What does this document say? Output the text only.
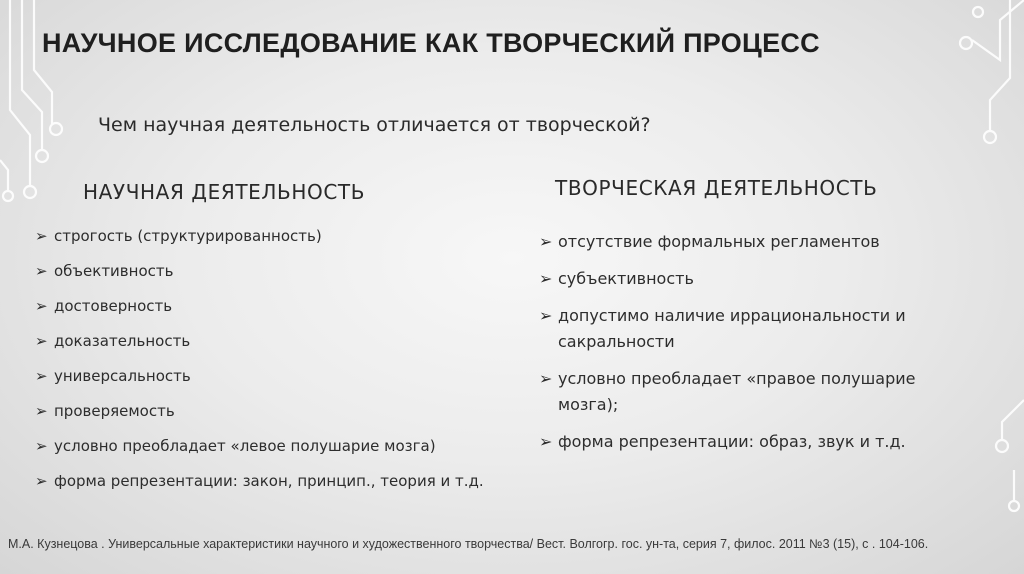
НАУЧНОЕ ИССЛЕДОВАНИЕ КАК ТВОРЧЕСКИЙ ПРОЦЕСС
Чем научная деятельность отличается от творческой?
НАУЧНАЯ ДЕЯТЕЛЬНОСТЬ	ТВОРЧЕСКАЯ ДЕЯТЕЛЬНОСТЬ
➢ строгость (структурированность)
➢ объективность
➢ достоверность
➢ доказательность
➢ универсальность
➢ проверяемость
➢ условно преобладает «левое полушарие мозга)
➢ форма репрезентации: закон, принцип., теория и т.д.
➢ отсутствие формальных регламентов
➢ субъективность
➢ допустимо наличие иррациональности и сакральности
➢ условно преобладает «правое полушарие мозга);
➢ форма репрезентации: образ, звук и т.д.
М.А. Кузнецова . Универсальные характеристики научного и художественного творчества/ Вест. Волгогр. гос. ун-та, серия 7, филос. 2011 №3 (15), с . 104-106.
